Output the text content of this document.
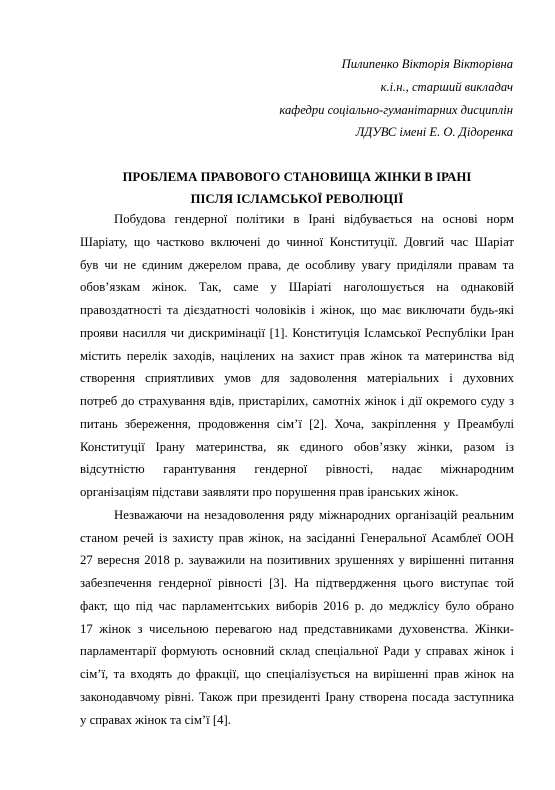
Пилипенко Вікторія Вікторівна
к.і.н., старший викладач
кафедри соціально-гуманітарних дисциплін
ЛДУВС імені Е. О. Дідоренка
ПРОБЛЕМА ПРАВОВОГО СТАНОВИЩА ЖІНКИ В ІРАНІ
ПІСЛЯ ІСЛАМСЬКОЇ РЕВОЛЮЦІЇ
Побудова гендерної політики в Ірані відбувається на основі норм
Шаріату, що частково включені до чинної Конституції. Довгий час Шаріат
був чи не єдиним джерелом права, де особливу увагу приділяли правам та
обов’язкам жінок. Так, саме у Шаріаті наголошується на однаковій
правоздатності та дієздатності чоловіків і жінок, що має виключати будь-які
прояви насилля чи дискримінації [1]. Конституція Ісламської Республіки Іран
містить перелік заходів, націлених на захист прав жінок та материнства від
створення сприятливих умов для задоволення матеріальних і духовних
потреб до страхування вдів, пристарілих, самотніх жінок і дії окремого суду з
питань збереження, продовження сім’ї [2]. Хоча, закріплення у Преамбулі
Конституції Ірану материнства, як єдиного обов’язку жінки, разом із
відсутністю гарантування гендерної рівності, надає міжнародним
організаціям підстави заявляти про порушення прав іранських жінок.
Незважаючи на незадоволення ряду міжнародних організацій реальним
станом речей із захисту прав жінок, на засіданні Генеральної Асамблеї ООН
27 вересня 2018 р. зауважили на позитивних зрушеннях у вирішенні питання
забезпечення гендерної рівності [3]. На підтвердження цього виступає той
факт, що під час парламентських виборів 2016 р. до меджлісу було обрано
17 жінок з чисельною перевагою над представниками духовенства. Жінки-
парламентарії формують основний склад спеціальної Ради у справах жінок і
сім’ї, та входять до фракції, що спеціалізується на вирішенні прав жінок на
законодавчому рівні. Також при президенті Ірану створена посада заступника
у справах жінок та сім’ї [4].
